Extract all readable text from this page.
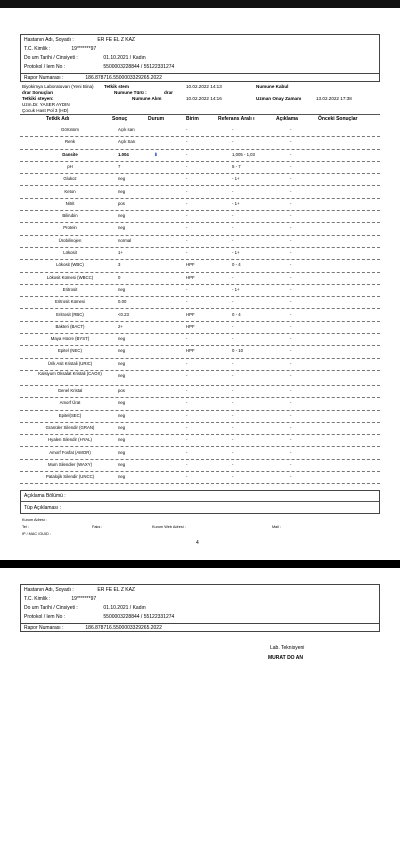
Hastanın Adı, Soyadı :	ER FE EL Z KAZ
T.C. Kimlik :	19*******97
Do um Tarihi / Cinsiyeti :	01.10.2021 / Kadın
Protokol / lem No :	5500003228844 / 55122331274
Rapor Numarası :	186.878716.5500003329265.2022
Biyokimya Laboratuvarı (Yeni Bina) Tetkik stem	10.02.2022 14:13	Numune Kabul
drar Sonuçları	Numune Türü :	drar
Tetkiki steyen:	Numune Alım	10.02.2022 14:16	Uzman Onay Zamanı	13.02.2022 17:38
Uzm.Dr. YASER AYDIN
Çocuk Hast Pol 3 (HD)
Tetkik Adı	Sonuç	Durum	Birim	Referans Aralı ı	Açıklama	Önceki Sonuçlar
Görünüm	Açık sarı	-	-	-
Renk	Açık Sarı	-	-	-
Dansite	1.004	⬇	-	1,005 - 1,03	-
pH	7	-	5 - 7	-
Glukoz	neg	-	- 1+	-
Keton	neg	-	-	-
Nitrit	pos	-	- 1+	-
Bilirubin	neg	-	-	-
Protein	neg	-	-	-
Ürobilinojen	normal	-	-	-
Lökosit	1+	-	- 1+	-
Lökosit (WBC)	3	HPF	0 - 4	-
Lökosit Kümesi (WBCC)	0	HPF	-	-
Eritrosit	neg	-	- 1+	-
Eritrosit Kümesi	0.00	-	-	-
Eritrosit (RBC)	<0.23	HPF	0 - 4	-
Bakteri (BACT)	2+	HPF	-	-
Maya Hücre (BYST)	neg	-	-	-
Epitel (NEC)	neg	HPF	0 - 10	-
Ürik Asit Kristali (URIC)	neg	-	-	-
Kalsiyum Oksalat Kristali (CAOX)	neg	-	-	-
Genel Kristal	pos	-	-	-
Amorf Ürat	neg	-	-	-
Epitel(SEC)	neg	-	-	-
Granüler Silendir (GRAN)	neg	-	-	-
Hyalen Silendir (HYAL)	neg	-	-	-
Amorf Fosfat (AMOR)	neg	-	-	-
Mum Silendier (WAXY)	neg	-	-	-
Patalojik Silendir (UNCC)	neg	-	-	-
Açıklama Bölümü :
Tüp Açıklaması :
Kurum Adresi :
Tel :	Faks :	Kurum Web Adresi :	Mail :
IP / MAC /GUID :
4
Hastanın Adı, Soyadı :	ER FE EL Z KAZ
T.C. Kimlik :	19*******97
Do um Tarihi / Cinsiyeti :	01.10.2021 / Kadın
Protokol / lem No :	5500003228844 / 55122331274
Rapor Numarası :	186.878716.5500003329265.2022
Lab. Teknisyeni
MURAT DO AN
